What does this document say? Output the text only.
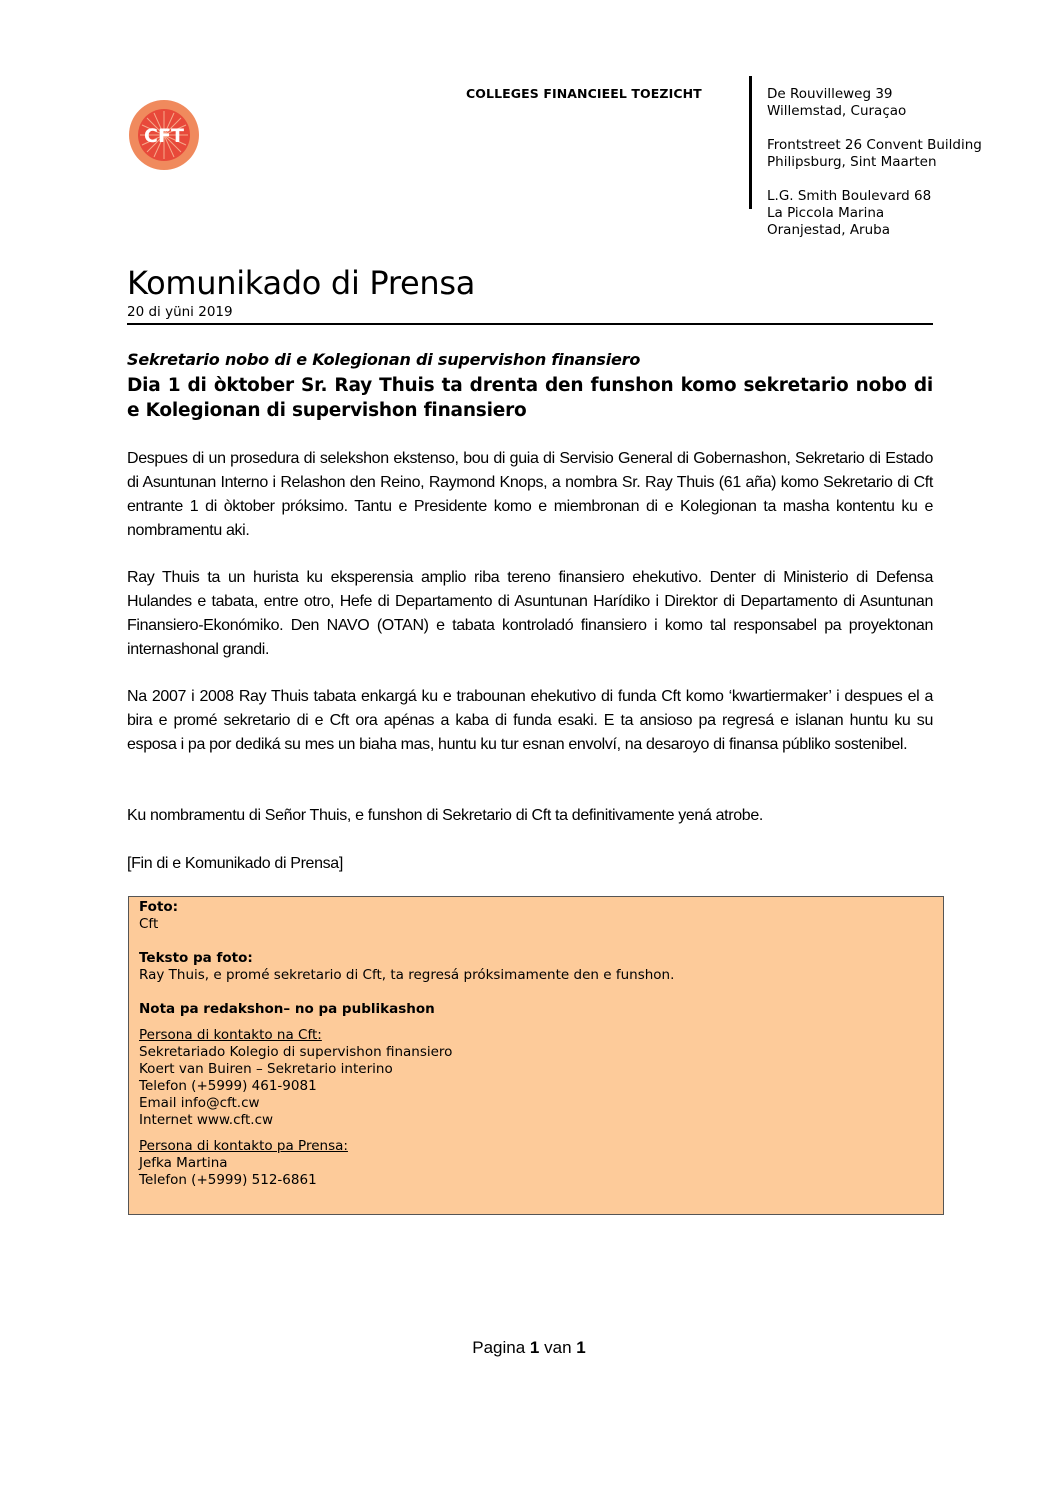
CFT
COLLEGES FINANCIEEL TOEZICHT	De Rouvilleweg 39
Willemstad, Curaçao
Frontstreet 26 Convent Building
Philipsburg, Sint Maarten
L.G. Smith Boulevard 68
La Piccola Marina
Oranjestad, Aruba
Komunikado di Prensa
20 di yüni 2019
Sekretario nobo di e Kolegionan di supervishon finansiero
Dia 1 di òktober Sr. Ray Thuis ta drenta den funshon komo sekretario nobo di e Kolegionan di supervishon finansiero
Despues di un prosedura di selekshon ekstenso, bou di guia di Servisio General di Gobernashon, Sekretario di Estado di Asuntunan Interno i Relashon den Reino, Raymond Knops, a nombra Sr. Ray Thuis (61 aña) komo Sekretario di Cft entrante 1 di òktober próksimo. Tantu e Presidente komo e miembronan di e Kolegionan ta masha kontentu ku e nombramentu aki.
Ray Thuis ta un hurista ku eksperensia amplio riba tereno finansiero ehekutivo. Denter di Ministerio di Defensa Hulandes e tabata, entre otro, Hefe di Departamento di Asuntunan Harídiko i Direktor di Departamento di Asuntunan Finansiero-Ekonómiko. Den NAVO (OTAN) e tabata kontroladó finansiero i komo tal responsabel pa proyektonan internashonal grandi.
Na 2007 i 2008 Ray Thuis tabata enkargá ku e trabounan ehekutivo di funda Cft komo ‘kwartiermaker’ i despues el a bira e promé sekretario di e Cft ora apénas a kaba di funda esaki. E ta ansioso pa regresá e islanan huntu ku su esposa i pa por dediká su mes un biaha mas, huntu ku tur esnan envolví, na desaroyo di finansa públiko sostenibel.
Ku nombramentu di Señor Thuis, e funshon di Sekretario di Cft ta definitivamente yená atrobe.
[Fin di e Komunikado di Prensa]
Foto:
Cft
Teksto pa foto:
Ray Thuis, e promé sekretario di Cft, ta regresá próksimamente den e funshon.
Nota pa redakshon– no pa publikashon
Persona di kontakto na Cft:
Sekretariado Kolegio di supervishon finansiero
Koert van Buiren – Sekretario interino
Telefon (+5999) 461-9081
Email info@cft.cw
Internet www.cft.cw
Persona di kontakto pa Prensa:
Jefka Martina
Telefon (+5999) 512-6861
Pagina 1 van 1
